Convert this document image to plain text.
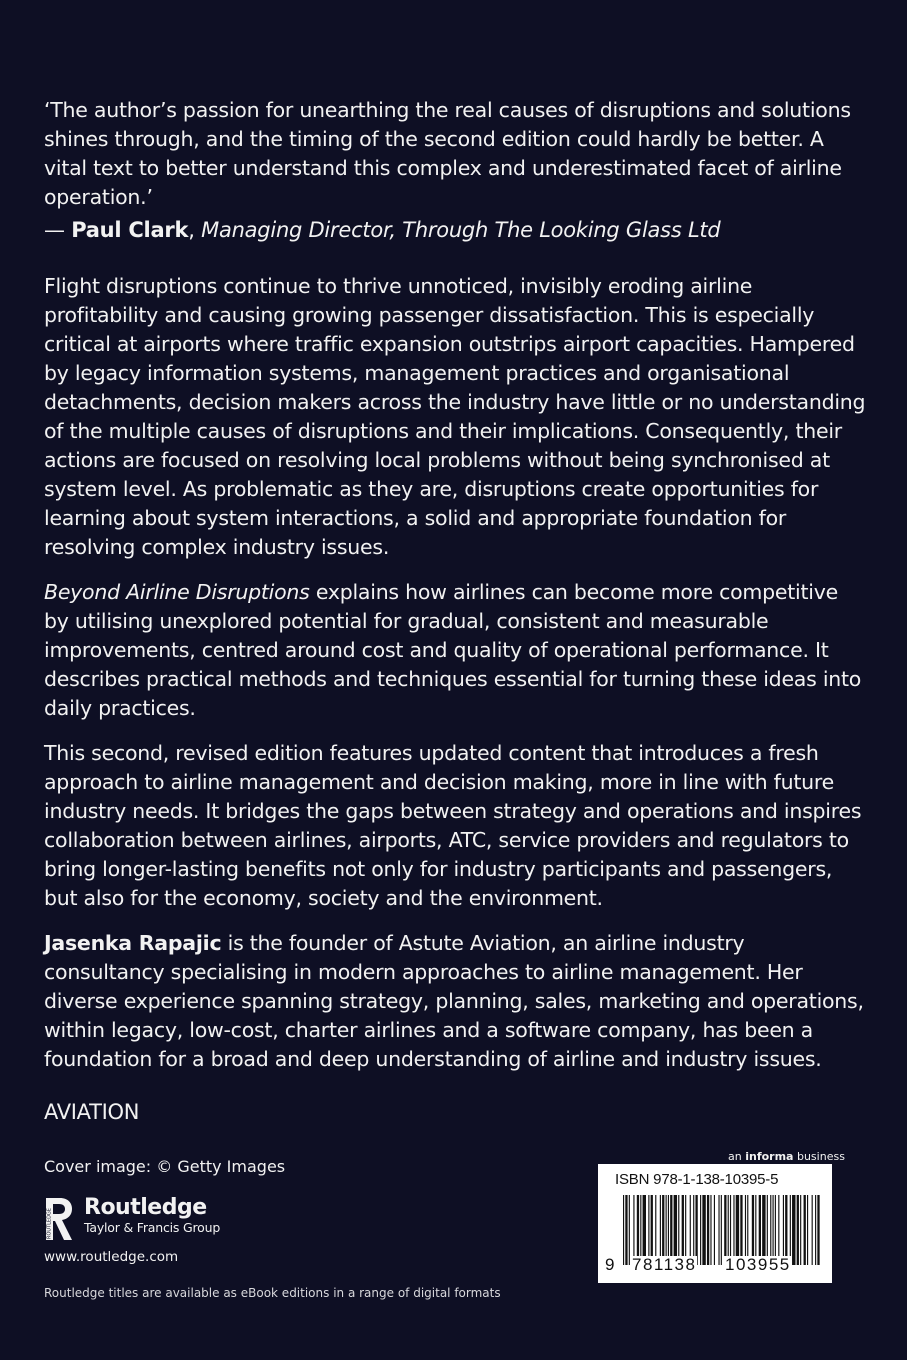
‘The author’s passion for unearthing the real causes of disruptions and solutions shines through, and the timing of the second edition could hardly be better. A vital text to better understand this complex and underestimated facet of airline operation.’

— Paul Clark, Managing Director, Through The Looking Glass Ltd

Flight disruptions continue to thrive unnoticed, invisibly eroding airline profitability and causing growing passenger dissatisfaction. This is especially critical at airports where traffic expansion outstrips airport capacities. Hampered by legacy information systems, management practices and organisational detachments, decision makers across the industry have little or no understanding of the multiple causes of disruptions and their implications. Consequently, their actions are focused on resolving local problems without being synchronised at system level. As problematic as they are, disruptions create opportunities for learning about system interactions, a solid and appropriate foundation for resolving complex industry issues.

Beyond Airline Disruptions explains how airlines can become more competitive by utilising unexplored potential for gradual, consistent and measurable improvements, centred around cost and quality of operational performance. It describes practical methods and techniques essential for turning these ideas into daily practices.

This second, revised edition features updated content that introduces a fresh approach to airline management and decision making, more in line with future industry needs. It bridges the gaps between strategy and operations and inspires collaboration between airlines, airports, ATC, service providers and regulators to bring longer-lasting benefits not only for industry participants and passengers, but also for the economy, society and the environment.

Jasenka Rapajic is the founder of Astute Aviation, an airline industry consultancy specialising in modern approaches to airline management. Her diverse experience spanning strategy, planning, sales, marketing and operations, within legacy, low-cost, charter airlines and a software company, has been a foundation for a broad and deep understanding of airline and industry issues.

AVIATION
Cover image: © Getty Images
ROUTLEDGE
Routledge
Taylor & Francis Group
www.routledge.com
Routledge titles are available as eBook editions in a range of digital formats
an informa business
ISBN 978-1-138-10395-5
9 781138 103955
